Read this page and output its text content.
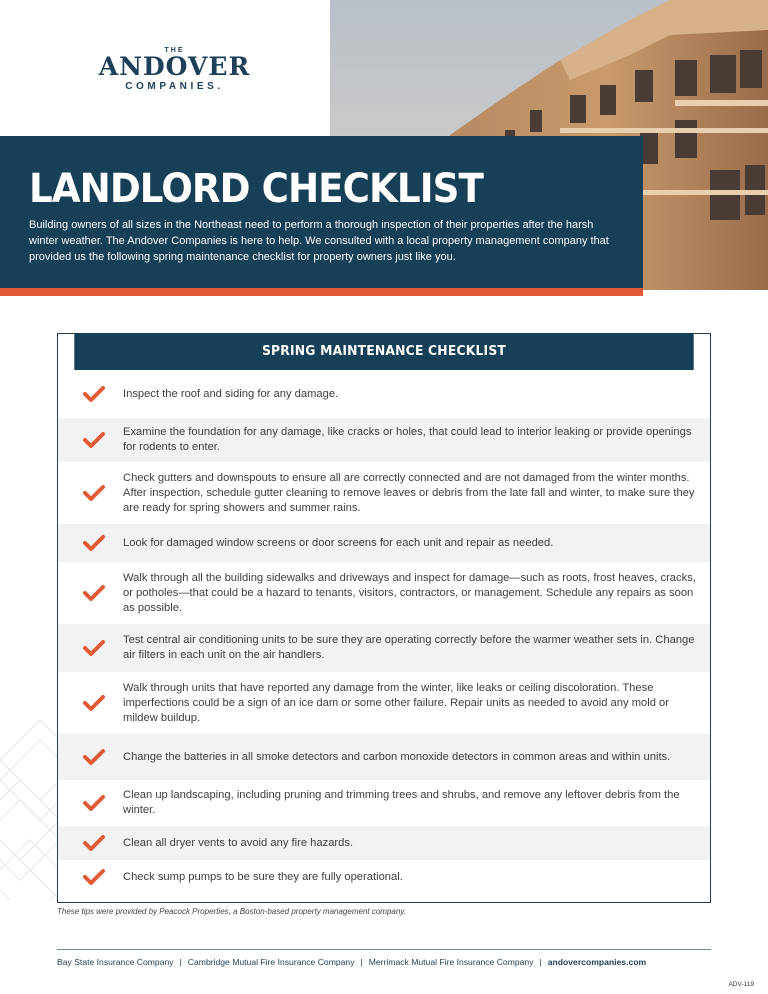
THE
ANDOVER
COMPANIES.
LANDLORD CHECKLIST

Building owners of all sizes in the Northeast need to perform a thorough inspection of their properties after the harsh winter weather. The Andover Companies is here to help. We consulted with a local property management company that provided us the following spring maintenance checklist for property owners just like you.

SPRING MAINTENANCE CHECKLIST

Inspect the roof and siding for any damage.

Examine the foundation for any damage, like cracks or holes, that could lead to interior leaking or provide openings for rodents to enter.

Check gutters and downspouts to ensure all are correctly connected and are not damaged from the winter months. After inspection, schedule gutter cleaning to remove leaves or debris from the late fall and winter, to make sure they are ready for spring showers and summer rains.

Look for damaged window screens or door screens for each unit and repair as needed.

Walk through all the building sidewalks and driveways and inspect for damage—such as roots, frost heaves, cracks, or potholes—that could be a hazard to tenants, visitors, contractors, or management. Schedule any repairs as soon as possible.

Test central air conditioning units to be sure they are operating correctly before the warmer weather sets in. Change air filters in each unit on the air handlers.

Walk through units that have reported any damage from the winter, like leaks or ceiling discoloration. These imperfections could be a sign of an ice dam or some other failure. Repair units as needed to avoid any mold or mildew buildup.

Change the batteries in all smoke detectors and carbon monoxide detectors in common areas and within units.

Clean up landscaping, including pruning and trimming trees and shrubs, and remove any leftover debris from the winter.

Clean all dryer vents to avoid any fire hazards.

Check sump pumps to be sure they are fully operational.

These tips were provided by Peacock Properties, a Boston-based property management company.
Bay State Insurance Company | Cambridge Mutual Fire Insurance Company | Merrimack Mutual Fire Insurance Company | andovercompanies.com
ADV-119
